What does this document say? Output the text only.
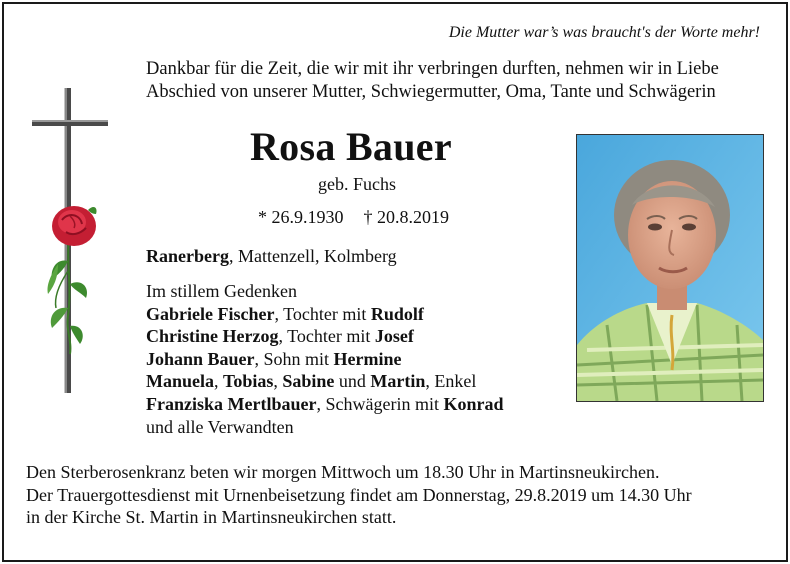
Die Mutter war’s was braucht's der Worte mehr!
Dankbar für die Zeit, die wir mit ihr verbringen durften, nehmen wir in Liebe
Abschied von unserer Mutter, Schwiegermutter, Oma, Tante und Schwägerin
Rosa Bauer
geb. Fuchs
* 26.9.1930 † 20.8.2019
Ranerberg, Mattenzell, Kolmberg
Im stillem Gedenken
Gabriele Fischer, Tochter mit Rudolf
Christine Herzog, Tochter mit Josef
Johann Bauer, Sohn mit Hermine
Manuela, Tobias, Sabine und Martin, Enkel
Franziska Mertlbauer, Schwägerin mit Konrad
und alle Verwandten
Den Sterberosenkranz beten wir morgen Mittwoch um 18.30 Uhr in Martinsneukirchen.
Der Trauergottesdienst mit Urnenbeisetzung findet am Donnerstag, 29.8.2019 um 14.30 Uhr
in der Kirche St. Martin in Martinsneukirchen statt.
